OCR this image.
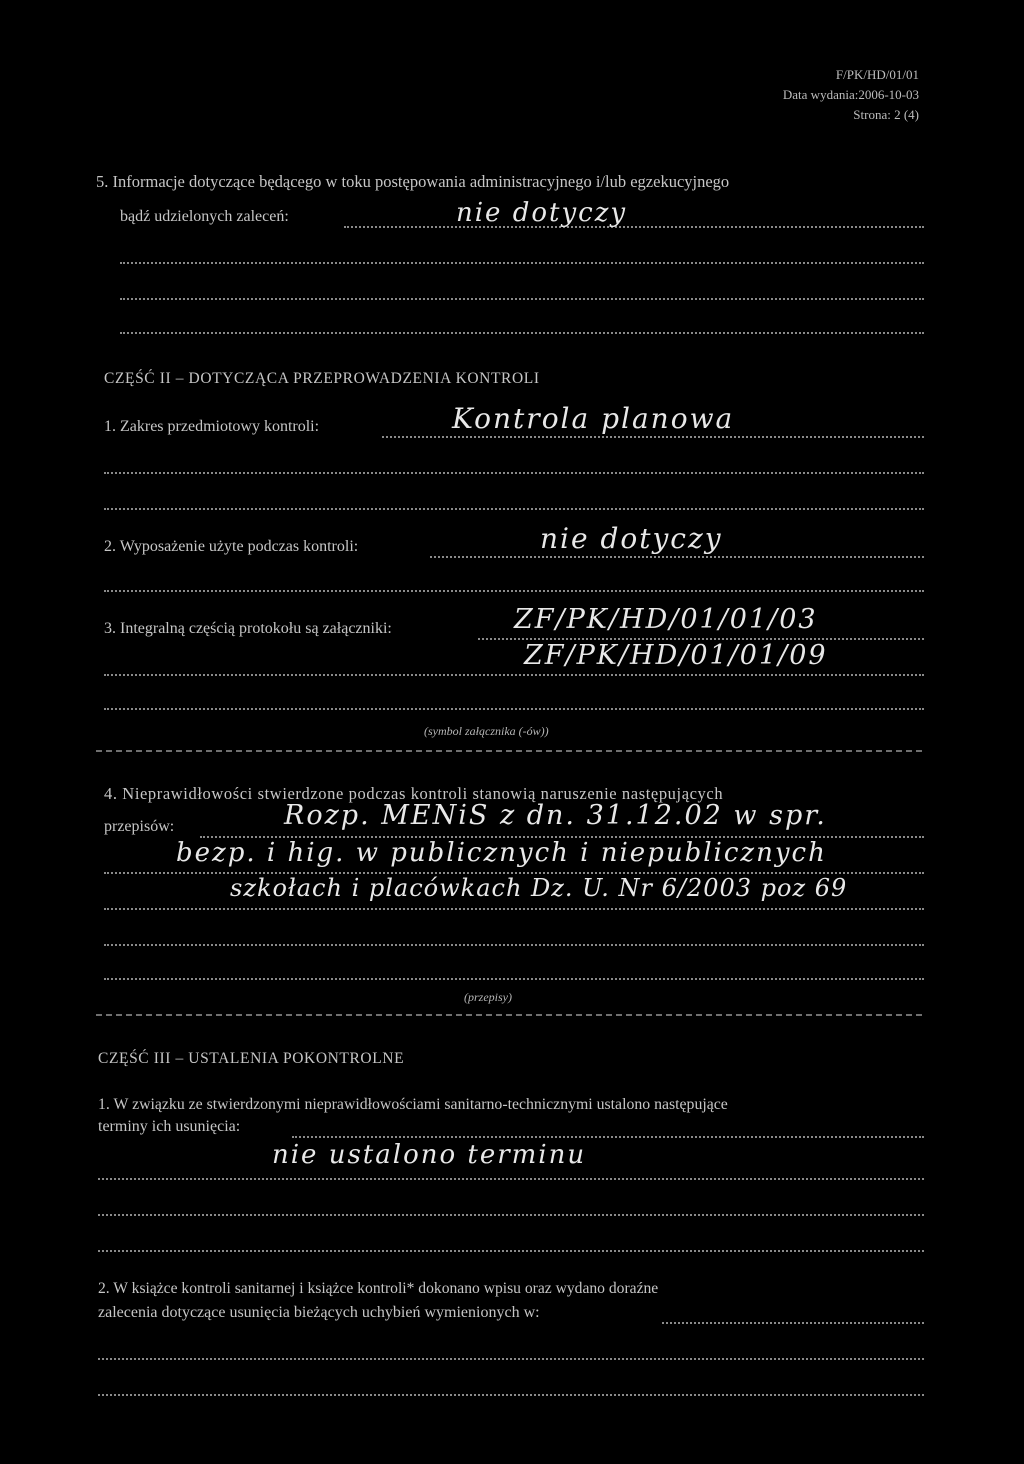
F/PK/HD/01/01
Data wydania:2006-10-03
Strona: 2 (4)
5. Informacje dotyczące będącego w toku postępowania administracyjnego i/lub egzekucyjnego
bądź udzielonych zaleceń:	nie dotyczy
CZĘŚĆ II – DOTYCZĄCA PRZEPROWADZENIA KONTROLI
1. Zakres przedmiotowy kontroli:	Kontrola planowa
2. Wyposażenie użyte podczas kontroli:	nie dotyczy
3. Integralną częścią protokołu są załączniki:	ZF/PK/HD/01/01/03
ZF/PK/HD/01/01/09
(symbol załącznika (-ów))
4. Nieprawidłowości stwierdzone podczas kontroli stanowią naruszenie następujących
przepisów:	Rozp. MENiS z dn. 31.12.02 w spr.
bezp. i hig. w publicznych i niepublicznych
szkołach i placówkach Dz. U. Nr 6/2003 poz 69
(przepisy)
CZĘŚĆ III – USTALENIA POKONTROLNE
1. W związku ze stwierdzonymi nieprawidłowościami sanitarno-technicznymi ustalono następujące
terminy ich usunięcia:
nie ustalono terminu
2. W książce kontroli sanitarnej i książce kontroli* dokonano wpisu oraz wydano doraźne
zalecenia dotyczące usunięcia bieżących uchybień wymienionych w:
